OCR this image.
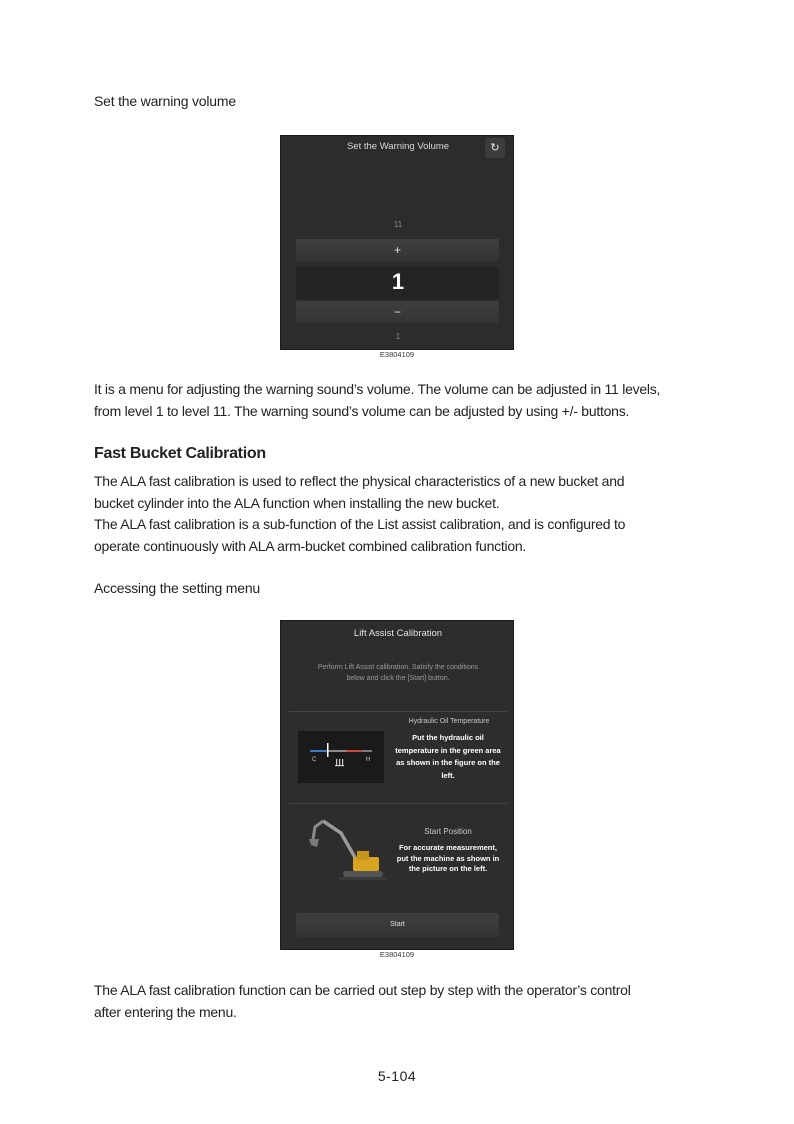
Set the warning volume
Set the Warning Volume	↻
11
+
1
−
1
E3804109

It is a menu for adjusting the warning sound’s volume. The volume can be adjusted in 11 levels,

from level 1 to level 11. The warning sound’s volume can be adjusted by using +/- buttons.

Fast Bucket Calibration

The ALA fast calibration is used to reflect the physical characteristics of a new bucket and

bucket cylinder into the ALA function when installing the new bucket.

The ALA fast calibration is a sub-function of the List assist calibration, and is configured to

operate continuously with ALA arm-bucket combined calibration function.

Accessing the setting menu
Lift Assist Calibration
Perform Lift Assist calibration. Satisfy the conditions below and click the [Start] button.
C	H
Hydraulic Oil Temperature
Put the hydraulic oil temperature in the green area as shown in the figure on the left.
Start Position
For accurate measurement, put the machine as shown in the picture on the left.
Start
E3804109

The ALA fast calibration function can be carried out step by step with the operator’s control

after entering the menu.

5-104
